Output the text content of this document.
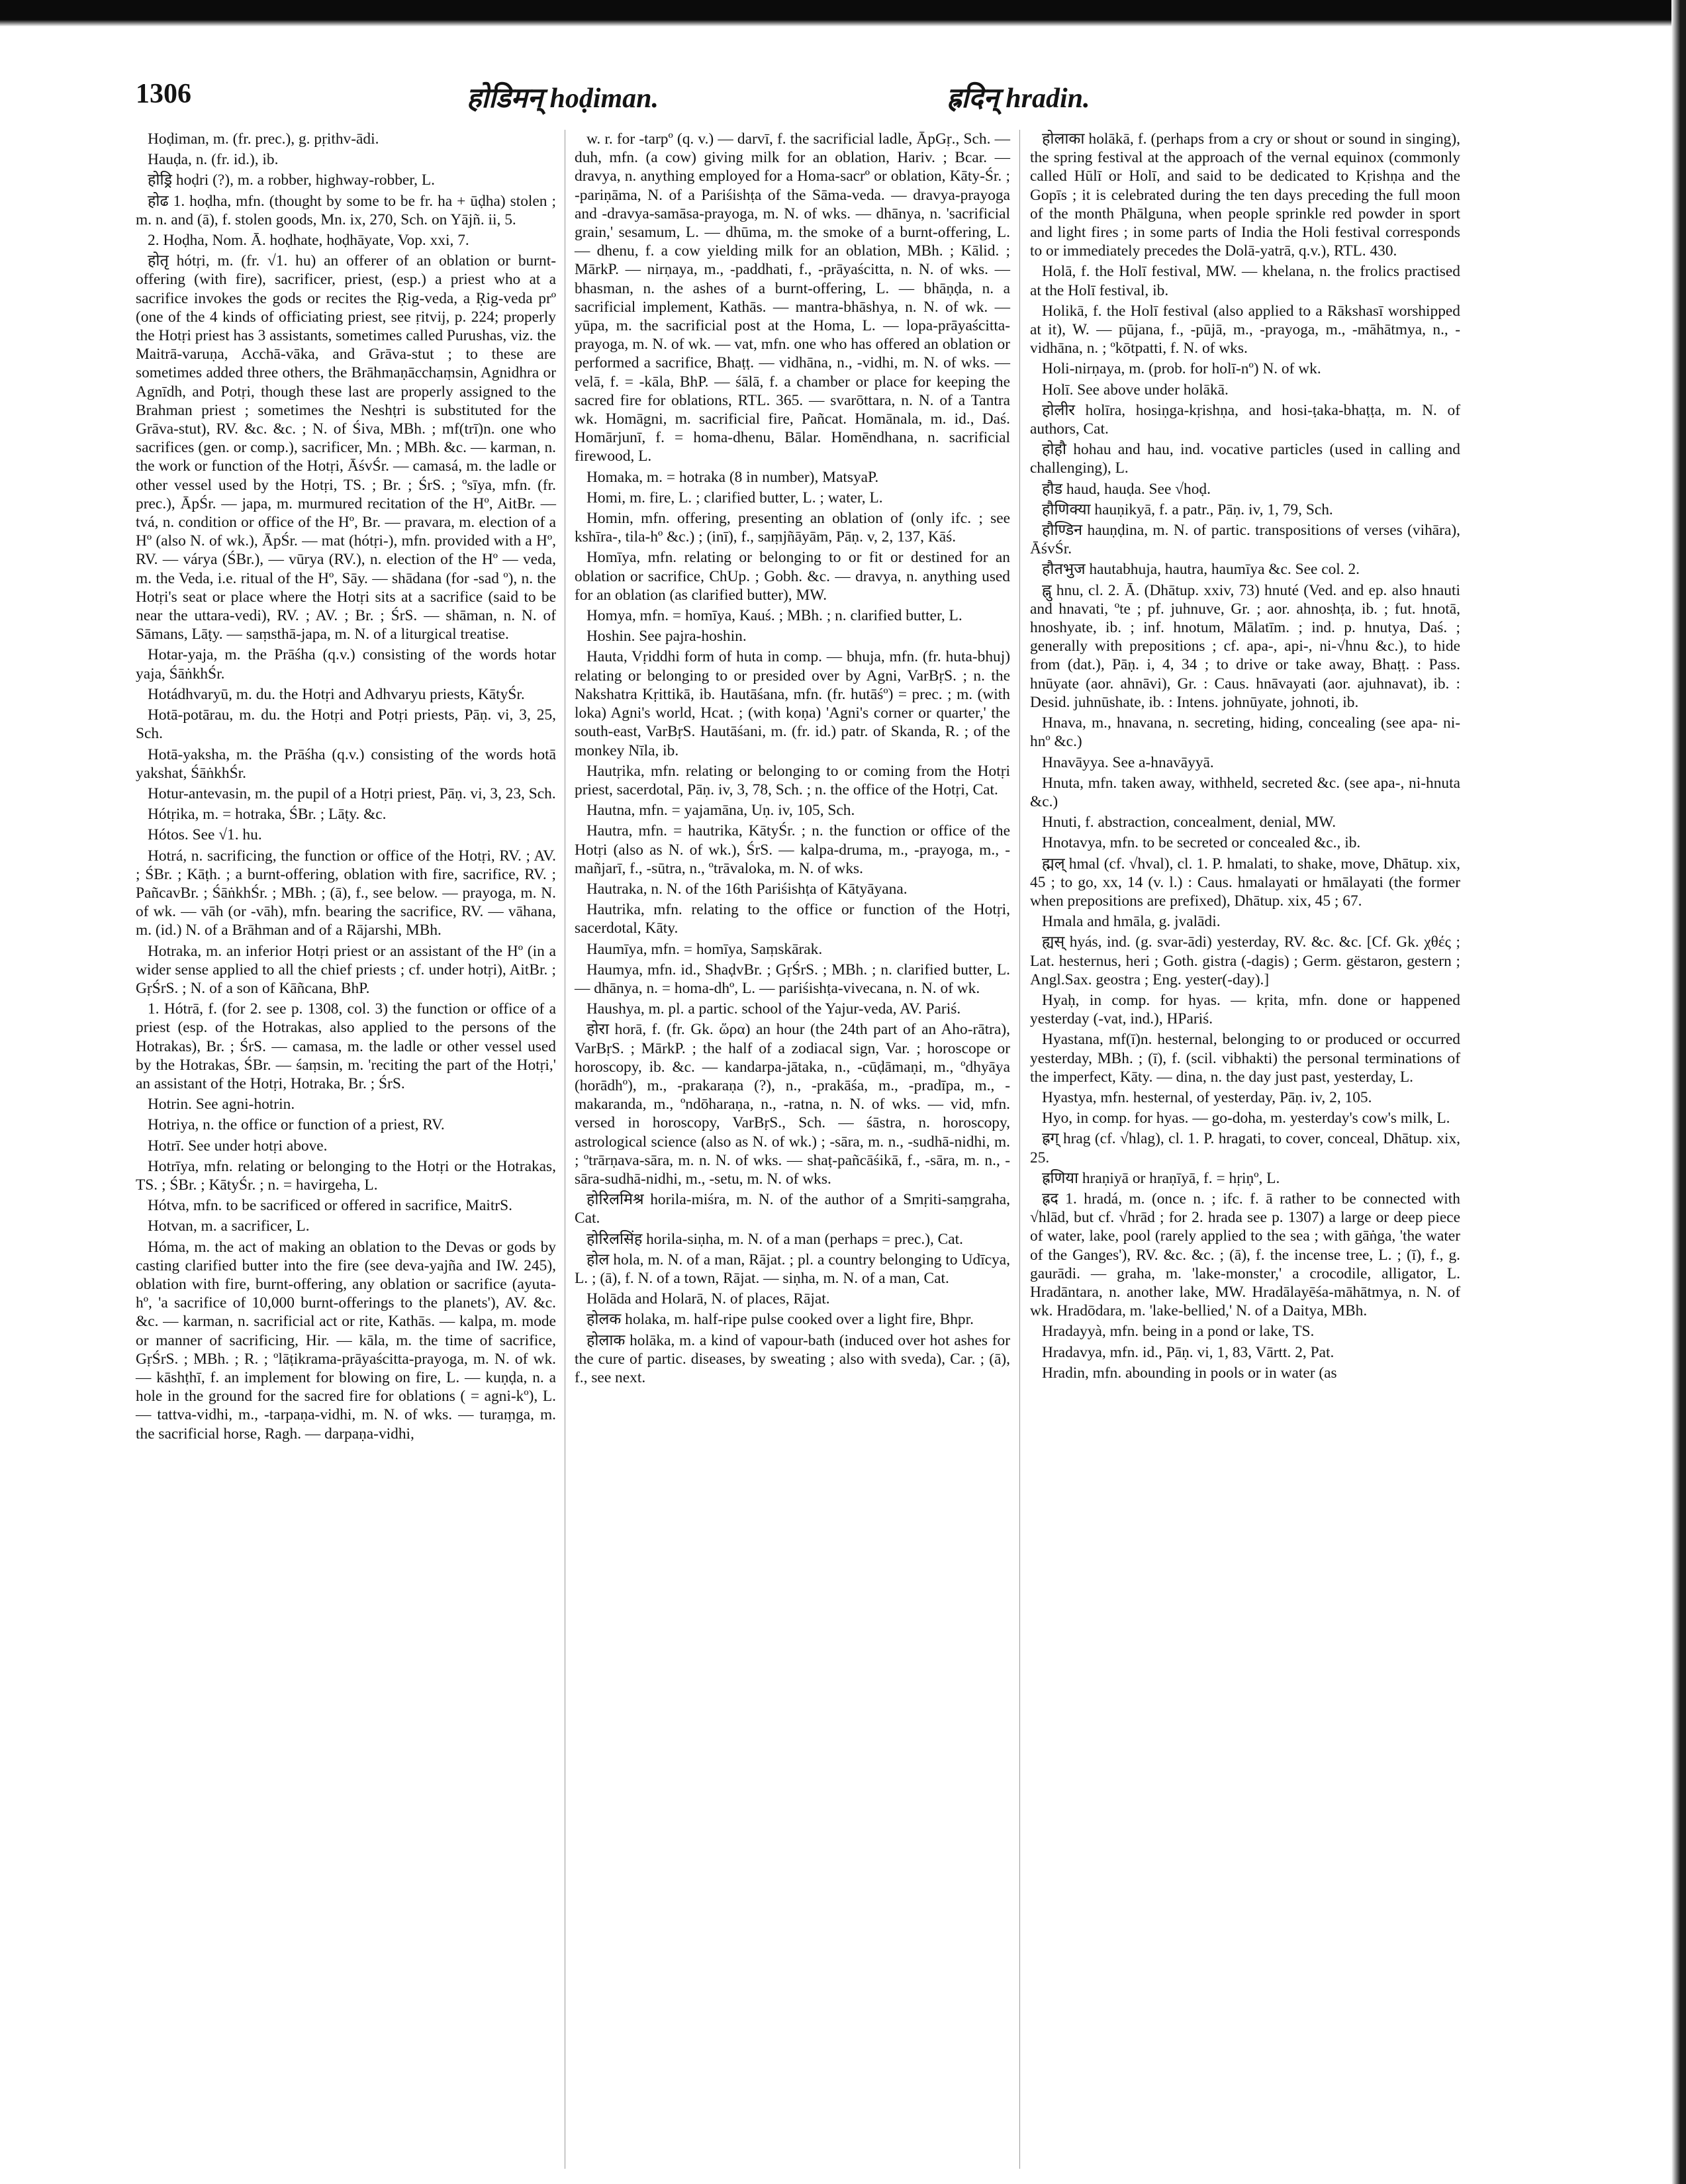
1306	होडिमन् hoḍiman.	ह्रदिन् hradin.

Hoḍiman, m. (fr. prec.), g. pṛithv-ādi.

Hauḍa, n. (fr. id.), ib.

होड्रि hoḍri (?), m. a robber, highway-robber, L.

होढ 1. hoḍha, mfn. (thought by some to be fr. ha + ūḍha) stolen ; m. n. and (ā), f. stolen goods, Mn. ix, 270, Sch. on Yājñ. ii, 5.

2. Hoḍha, Nom. Ā. hoḍhate, hoḍhāyate, Vop. xxi, 7.

होतृ hótṛi, m. (fr. √1. hu) an offerer of an oblation or burnt-offering (with fire), sacrificer, priest, (esp.) a priest who at a sacrifice invokes the gods or recites the Ṛig-veda, a Ṛig-veda prº (one of the 4 kinds of officiating priest, see ṛitvij, p. 224; properly the Hotṛi priest has 3 assistants, sometimes called Purushas, viz. the Maitrā-varuṇa, Acchā-vāka, and Grāva-stut ; to these are sometimes added three others, the Brāhmaṇācchaṃsin, Agnidhra or Agnīdh, and Potṛi, though these last are properly assigned to the Brahman priest ; sometimes the Neshṭri is substituted for the Grāva-stut), RV. &c. &c. ; N. of Śiva, MBh. ; mf(trī)n. one who sacrifices (gen. or comp.), sacrificer, Mn. ; MBh. &c. — karman, n. the work or function of the Hotṛi, ĀśvŚr. — camasá, m. the ladle or other vessel used by the Hotṛi, TS. ; Br. ; ŚrS. ; ºsīya, mfn. (fr. prec.), ĀpŚr. — japa, m. murmured recitation of the Hº, AitBr. — tvá, n. condition or office of the Hº, Br. — pravara, m. election of a Hº (also N. of wk.), ĀpŚr. — mat (hótṛi-), mfn. provided with a Hº, RV. — várya (ŚBr.), — vūrya (RV.), n. election of the Hº — veda, m. the Veda, i.e. ritual of the Hº, Sāy. — shādana (for -sad º), n. the Hotṛi's seat or place where the Hotṛi sits at a sacrifice (said to be near the uttara-vedi), RV. ; AV. ; Br. ; ŚrS. — shāman, n. N. of Sāmans, Lāṭy. — saṃsthā-japa, m. N. of a liturgical treatise.

Hotar-yaja, m. the Prāśha (q.v.) consisting of the words hotar yaja, ŚāṅkhŚr.

Hotádhvaryū, m. du. the Hotṛi and Adhvaryu priests, KātyŚr.

Hotā-potārau, m. du. the Hotṛi and Potṛi priests, Pāṇ. vi, 3, 25, Sch.

Hotā-yaksha, m. the Prāśha (q.v.) consisting of the words hotā yakshat, ŚāṅkhŚr.

Hotur-antevasin, m. the pupil of a Hotṛi priest, Pāṇ. vi, 3, 23, Sch.

Hótṛika, m. = hotraka, ŚBr. ; Lāṭy. &c.

Hótos. See √1. hu.

Hotrá, n. sacrificing, the function or office of the Hotṛi, RV. ; AV. ; ŚBr. ; Kāṭh. ; a burnt-offering, oblation with fire, sacrifice, RV. ; PañcavBr. ; ŚāṅkhŚr. ; MBh. ; (ā), f., see below. — prayoga, m. N. of wk. — vāh (or -vāh), mfn. bearing the sacrifice, RV. — vāhana, m. (id.) N. of a Brāhman and of a Rājarshi, MBh.

Hotraka, m. an inferior Hotṛi priest or an assistant of the Hº (in a wider sense applied to all the chief priests ; cf. under hotṛi), AitBr. ; GṛŚrS. ; N. of a son of Kāñcana, BhP.

1. Hótrā, f. (for 2. see p. 1308, col. 3) the function or office of a priest (esp. of the Hotrakas, also applied to the persons of the Hotrakas), Br. ; ŚrS. — camasa, m. the ladle or other vessel used by the Hotrakas, ŚBr. — śaṃsin, m. 'reciting the part of the Hotṛi,' an assistant of the Hotṛi, Hotraka, Br. ; ŚrS.

Hotrin. See agni-hotrin.

Hotriya, n. the office or function of a priest, RV.

Hotrī. See under hotṛi above.

Hotrīya, mfn. relating or belonging to the Hotṛi or the Hotrakas, TS. ; ŚBr. ; KātyŚr. ; n. = havirgeha, L.

Hótva, mfn. to be sacrificed or offered in sacrifice, MaitrS.

Hotvan, m. a sacrificer, L.

Hóma, m. the act of making an oblation to the Devas or gods by casting clarified butter into the fire (see deva-yajña and IW. 245), oblation with fire, burnt-offering, any oblation or sacrifice (ayuta-hº, 'a sacrifice of 10,000 burnt-offerings to the planets'), AV. &c. &c. — karman, n. sacrificial act or rite, Kathās. — kalpa, m. mode or manner of sacrificing, Hir. — kāla, m. the time of sacrifice, GṛŚrS. ; MBh. ; R. ; ºlāṭikrama-prāyaścitta-prayoga, m. N. of wk. — kāshṭhī, f. an implement for blowing on fire, L. — kuṇḍa, n. a hole in the ground for the sacred fire for oblations ( = agni-kº), L. — tattva-vidhi, m., -tarpaṇa-vidhi, m. N. of wks. — turaṃga, m. the sacrificial horse, Ragh. — darpaṇa-vidhi,

w. r. for -tarpº (q. v.) — darvī, f. the sacrificial ladle, ĀpGṛ., Sch. — duh, mfn. (a cow) giving milk for an oblation, Hariv. ; Bcar. — dravya, n. anything employed for a Homa-sacrº or oblation, Kāty-Śr. ; -pariṇāma, N. of a Pariśishṭa of the Sāma-veda. — dravya-prayoga and -dravya-samāsa-prayoga, m. N. of wks. — dhānya, n. 'sacrificial grain,' sesamum, L. — dhūma, m. the smoke of a burnt-offering, L. — dhenu, f. a cow yielding milk for an oblation, MBh. ; Kālid. ; MārkP. — nirṇaya, m., -paddhati, f., -prāyaścitta, n. N. of wks. — bhasman, n. the ashes of a burnt-offering, L. — bhāṇḍa, n. a sacrificial implement, Kathās. — mantra-bhāshya, n. N. of wk. — yūpa, m. the sacrificial post at the Homa, L. — lopa-prāyaścitta-prayoga, m. N. of wk. — vat, mfn. one who has offered an oblation or performed a sacrifice, Bhaṭṭ. — vidhāna, n., -vidhi, m. N. of wks. — velā, f. = -kāla, BhP. — śālā, f. a chamber or place for keeping the sacred fire for oblations, RTL. 365. — svarōttara, n. N. of a Tantra wk. Homāgni, m. sacrificial fire, Pañcat. Homānala, m. id., Daś. Homārjunī, f. = homa-dhenu, Bālar. Homēndhana, n. sacrificial firewood, L.

Homaka, m. = hotraka (8 in number), MatsyaP.

Homi, m. fire, L. ; clarified butter, L. ; water, L.

Homin, mfn. offering, presenting an oblation of (only ifc. ; see kshīra-, tila-hº &c.) ; (inī), f., saṃjñāyām, Pāṇ. v, 2, 137, Kāś.

Homīya, mfn. relating or belonging to or fit or destined for an oblation or sacrifice, ChUp. ; Gobh. &c. — dravya, n. anything used for an oblation (as clarified butter), MW.

Homya, mfn. = homīya, Kauś. ; MBh. ; n. clarified butter, L.

Hoshin. See pajra-hoshin.

Hauta, Vṛiddhi form of huta in comp. — bhuja, mfn. (fr. huta-bhuj) relating or belonging to or presided over by Agni, VarBṛS. ; n. the Nakshatra Kṛittikā, ib. Hautāśana, mfn. (fr. hutāśº) = prec. ; m. (with loka) Agni's world, Hcat. ; (with koṇa) 'Agni's corner or quarter,' the south-east, VarBṛS. Hautāśani, m. (fr. id.) patr. of Skanda, R. ; of the monkey Nīla, ib.

Hautṛika, mfn. relating or belonging to or coming from the Hotṛi priest, sacerdotal, Pāṇ. iv, 3, 78, Sch. ; n. the office of the Hotṛi, Cat.

Hautna, mfn. = yajamāna, Uṇ. iv, 105, Sch.

Hautra, mfn. = hautrika, KātyŚr. ; n. the function or office of the Hotṛi (also as N. of wk.), ŚrS. — kalpa-druma, m., -prayoga, m., -mañjarī, f., -sūtra, n., ºtrāvaloka, m. N. of wks.

Hautraka, n. N. of the 16th Pariśishṭa of Kātyāyana.

Hautrika, mfn. relating to the office or function of the Hotṛi, sacerdotal, Kāty.

Haumīya, mfn. = homīya, Saṃskārak.

Haumya, mfn. id., ShaḍvBr. ; GṛŚrS. ; MBh. ; n. clarified butter, L. — dhānya, n. = homa-dhº, L. — pariśishṭa-vivecana, n. N. of wk.

Haushya, m. pl. a partic. school of the Yajur-veda, AV. Pariś.

होरा horā, f. (fr. Gk. ὥρα) an hour (the 24th part of an Aho-rātra), VarBṛS. ; MārkP. ; the half of a zodiacal sign, Var. ; horoscope or horoscopy, ib. &c. — kandarpa-jātaka, n., -cūḍāmaṇi, m., ºdhyāya (horādhº), m., -prakaraṇa (?), n., -prakāśa, m., -pradīpa, m., -makaranda, m., ºndōharaṇa, n., -ratna, n. N. of wks. — vid, mfn. versed in horoscopy, VarBṛS., Sch. — śāstra, n. horoscopy, astrological science (also as N. of wk.) ; -sāra, m. n., -sudhā-nidhi, m. ; ºtrārṇava-sāra, m. n. N. of wks. — shaṭ-pañcāśikā, f., -sāra, m. n., -sāra-sudhā-nidhi, m., -setu, m. N. of wks.

होरिलमिश्र horila-miśra, m. N. of the author of a Smṛiti-saṃgraha, Cat.

होरिलसिंह horila-siṇha, m. N. of a man (perhaps = prec.), Cat.

होल hola, m. N. of a man, Rājat. ; pl. a country belonging to Udīcya, L. ; (ā), f. N. of a town, Rājat. — siṇha, m. N. of a man, Cat.

Holāda and Holarā, N. of places, Rājat.

होलक holaka, m. half-ripe pulse cooked over a light fire, Bhpr.

होलाक holāka, m. a kind of vapour-bath (induced over hot ashes for the cure of partic. diseases, by sweating ; also with sveda), Car. ; (ā), f., see next.

होलाका holākā, f. (perhaps from a cry or shout or sound in singing), the spring festival at the approach of the vernal equinox (commonly called Hūlī or Holī, and said to be dedicated to Kṛishṇa and the Gopīs ; it is celebrated during the ten days preceding the full moon of the month Phālguna, when people sprinkle red powder in sport and light fires ; in some parts of India the Holi festival corresponds to or immediately precedes the Dolā-yatrā, q.v.), RTL. 430.

Holā, f. the Holī festival, MW. — khelana, n. the frolics practised at the Holī festival, ib.

Holikā, f. the Holī festival (also applied to a Rākshasī worshipped at it), W. — pūjana, f., -pūjā, m., -prayoga, m., -māhātmya, n., -vidhāna, n. ; ºkōtpatti, f. N. of wks.

Holi-nirṇaya, m. (prob. for holī-nº) N. of wk.

Holī. See above under holākā.

होलीर holīra, hosiṇga-kṛishṇa, and hosi-ṭaka-bhaṭṭa, m. N. of authors, Cat.

होहौ hohau and hau, ind. vocative particles (used in calling and challenging), L.

हौड haud, hauḍa. See √hoḍ.

हौणिक्या hauṇikyā, f. a patr., Pāṇ. iv, 1, 79, Sch.

हौण्डिन hauṇḍina, m. N. of partic. transpositions of verses (vihāra), ĀśvŚr.

हौतभुज hautabhuja, hautra, haumīya &c. See col. 2.

ह्नु hnu, cl. 2. Ā. (Dhātup. xxiv, 73) hnuté (Ved. and ep. also hnauti and hnavati, ºte ; pf. juhnuve, Gr. ; aor. ahnoshṭa, ib. ; fut. hnotā, hnoshyate, ib. ; inf. hnotum, Mālatīm. ; ind. p. hnutya, Daś. ; generally with prepositions ; cf. apa-, api-, ni-√hnu &c.), to hide from (dat.), Pāṇ. i, 4, 34 ; to drive or take away, Bhaṭṭ. : Pass. hnūyate (aor. ahnāvi), Gr. : Caus. hnāvayati (aor. ajuhnavat), ib. : Desid. juhnūshate, ib. : Intens. johnūyate, johnoti, ib.

Hnava, m., hnavana, n. secreting, hiding, concealing (see apa- ni-hnº &c.)

Hnavāyya. See a-hnavāyyā.

Hnuta, mfn. taken away, withheld, secreted &c. (see apa-, ni-hnuta &c.)

Hnuti, f. abstraction, concealment, denial, MW.

Hnotavya, mfn. to be secreted or concealed &c., ib.

ह्मल् hmal (cf. √hval), cl. 1. P. hmalati, to shake, move, Dhātup. xix, 45 ; to go, xx, 14 (v. l.) : Caus. hmalayati or hmālayati (the former when prepositions are prefixed), Dhātup. xix, 45 ; 67.

Hmala and hmāla, g. jvalādi.

ह्यस् hyás, ind. (g. svar-ādi) yesterday, RV. &c. &c. [Cf. Gk. χθές ; Lat. hesternus, heri ; Goth. gistra (-dagis) ; Germ. gëstaron, gestern ; Angl.Sax. geostra ; Eng. yester(-day).]

Hyaḥ, in comp. for hyas. — kṛita, mfn. done or happened yesterday (-vat, ind.), HPariś.

Hyastana, mf(ī)n. hesternal, belonging to or produced or occurred yesterday, MBh. ; (ī), f. (scil. vibhakti) the personal terminations of the imperfect, Kāty. — dina, n. the day just past, yesterday, L.

Hyastya, mfn. hesternal, of yesterday, Pāṇ. iv, 2, 105.

Hyo, in comp. for hyas. — go-doha, m. yesterday's cow's milk, L.

ह्रग् hrag (cf. √hlag), cl. 1. P. hragati, to cover, conceal, Dhātup. xix, 25.

ह्रणिया hraṇiyā or hraṇīyā, f. = hṛiṇº, L.

ह्रद 1. hradá, m. (once n. ; ifc. f. ā rather to be connected with √hlād, but cf. √hrād ; for 2. hrada see p. 1307) a large or deep piece of water, lake, pool (rarely applied to the sea ; with gāṅga, 'the water of the Ganges'), RV. &c. &c. ; (ā), f. the incense tree, L. ; (ī), f., g. gaurādi. — graha, m. 'lake-monster,' a crocodile, alligator, L. Hradāntara, n. another lake, MW. Hradālayēśa-māhātmya, n. N. of wk. Hradōdara, m. 'lake-bellied,' N. of a Daitya, MBh.

Hradayyà, mfn. being in a pond or lake, TS.

Hradavya, mfn. id., Pāṇ. vi, 1, 83, Vārtt. 2, Pat.

Hradin, mfn. abounding in pools or in water (as
